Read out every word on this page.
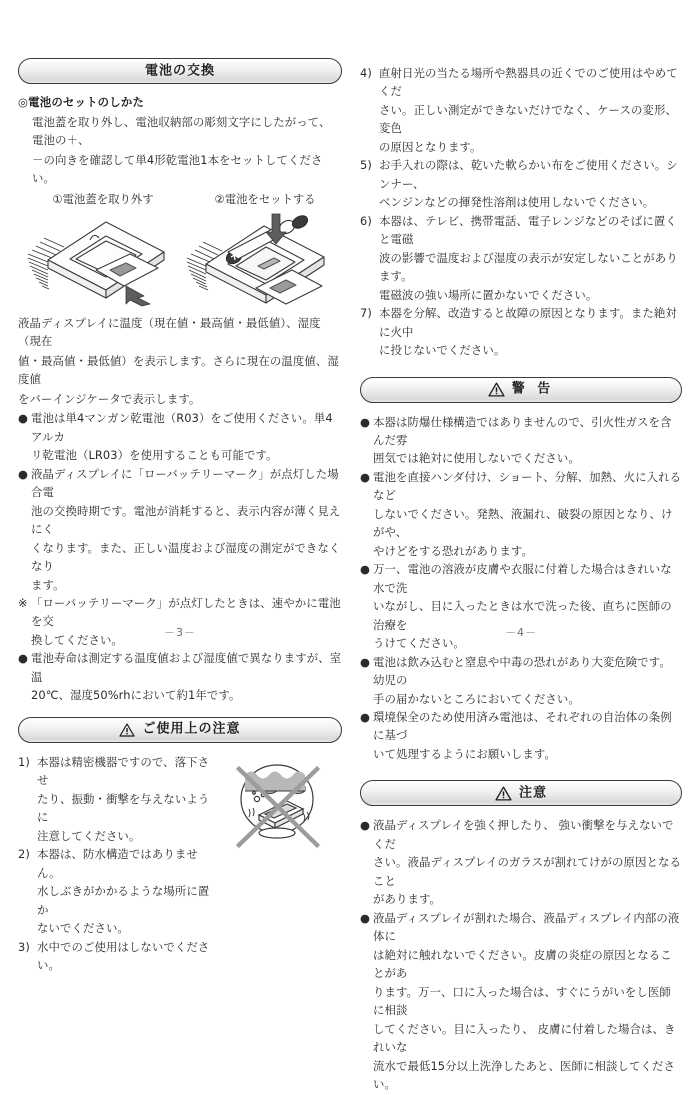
電池の交換
◎電池のセットのしかた
電池蓋を取り外し、電池収納部の彫刻文字にしたがって、電池の＋、
－の向きを確認して単4形乾電池1本をセットしてください。
①電池蓋を取り外す	②電池をセットする
液晶ディスプレイに温度（現在値・最高値・最低値）、湿度（現在
値・最高値・最低値）を表示します。さらに現在の温度値、湿度値
をバーインジケータで表示します。
● 電池は単4マンガン乾電池（R03）をご使用ください。単4アルカ
リ乾電池（LR03）を使用することも可能です。
● 液晶ディスプレイに「ローバッテリーマーク」が点灯した場合電
池の交換時期です。電池が消耗すると、表示内容が薄く見えにく
くなります。また、正しい温度および湿度の測定ができなくなり
ます。
※ 「ローバッテリーマーク」が点灯したときは、速やかに電池を交
換してください。
● 電池寿命は測定する温度値および湿度値で異なりますが、室温
20℃、湿度50%rhにおいて約1年です。
ご使用上の注意
1) 本器は精密機器ですので、落下させ
たり、振動・衝撃を与えないように
注意してください。
2) 本器は、防水構造ではありません。
水しぶきがかかるような場所に置か
ないでください。
3) 水中でのご使用はしないでください。
－3－
4) 直射日光の当たる場所や熱器具の近くでのご使用はやめてくだ
さい。正しい測定ができないだけでなく、ケースの変形、変色
の原因となります。
5) お手入れの際は、乾いた軟らかい布をご使用ください。シンナー、
ベンジンなどの揮発性溶剤は使用しないでください。
6) 本器は、テレビ、携帯電話、電子レンジなどのそばに置くと電磁
波の影響で温度および湿度の表示が安定しないことがあります。
電磁波の強い場所に置かないでください。
7) 本器を分解、改造すると故障の原因となります。また絶対に火中
に投じないでください。
警 告
● 本器は防爆仕様構造ではありませんので、引火性ガスを含んだ雰
囲気では絶対に使用しないでください。
● 電池を直接ハンダ付け、ショート、分解、加熱、火に入れるなど
しないでください。発熱、液漏れ、破裂の原因となり、けがや、
やけどをする恐れがあります。
● 万一、電池の溶液が皮膚や衣服に付着した場合はきれいな水で洗
いながし、目に入ったときは水で洗った後、直ちに医師の治療を
うけてください。
● 電池は飲み込むと窒息や中毒の恐れがあり大変危険です。幼児の
手の届かないところにおいてください。
● 環境保全のため使用済み電池は、それぞれの自治体の条例に基づ
いて処理するようにお願いします。
注意
● 液晶ディスプレイを強く押したり、 強い衝撃を与えないでくだ
さい。液晶ディスプレイのガラスが割れてけがの原因となること
があります。
● 液晶ディスプレイが割れた場合、液晶ディスプレイ内部の液体に
は絶対に触れないでください。皮膚の炎症の原因となることがあ
ります。万一、口に入った場合は、すぐにうがいをし医師に相談
してください。目に入ったり、 皮膚に付着した場合は、きれいな
流水で最低15分以上洗浄したあと、医師に相談してください。
－4－
